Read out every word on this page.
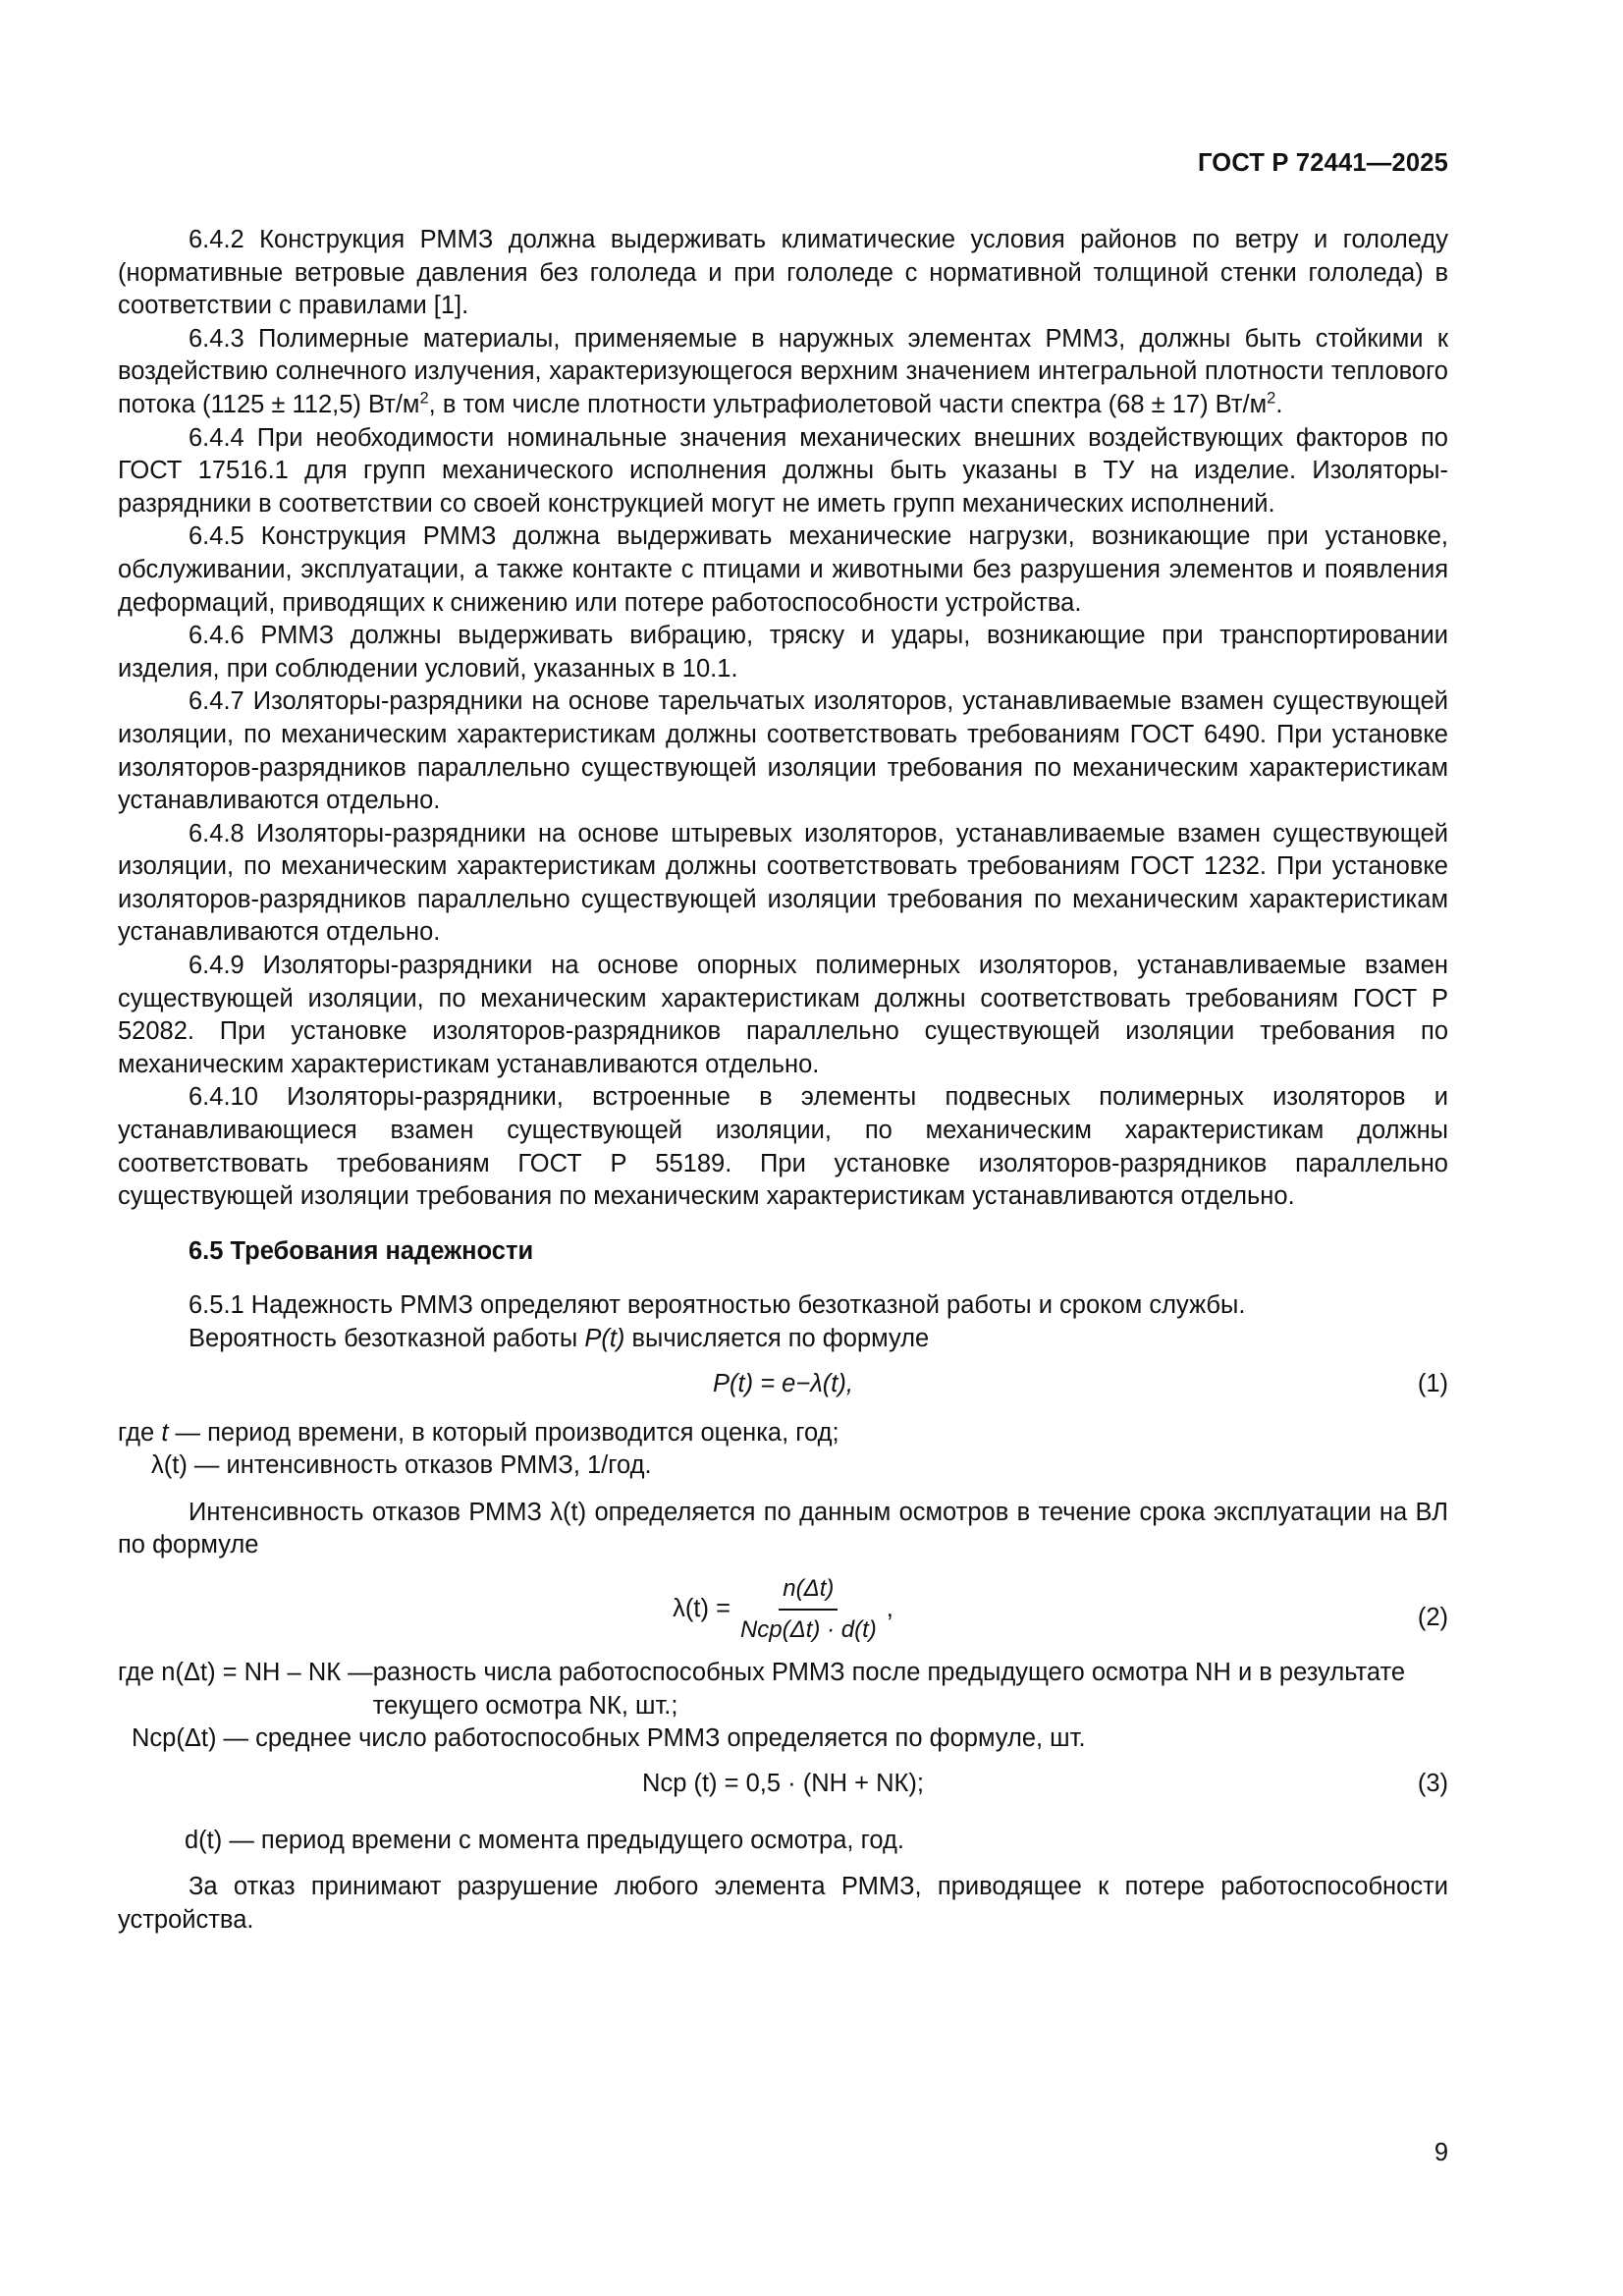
ГОСТ Р 72441—2025

6.4.2 Конструкция РММЗ должна выдерживать климатические условия районов по ветру и гололеду (нормативные ветровые давления без гололеда и при гололеде с нормативной толщиной стенки гололеда) в соответствии с правилами [1].

6.4.3 Полимерные материалы, применяемые в наружных элементах РММЗ, должны быть стойкими к воздействию солнечного излучения, характеризующегося верхним значением интегральной плотности теплового потока (1125 ± 112,5) $Вт/м^2$, в том числе плотности ультрафиолетовой части спектра (68 ± 17) $Вт/м^2$.

6.4.4 При необходимости номинальные значения механических внешних воздействующих факторов по ГОСТ 17516.1 для групп механического исполнения должны быть указаны в ТУ на изделие. Изоляторы-разрядники в соответствии со своей конструкцией могут не иметь групп механических исполнений.

6.4.5 Конструкция РММЗ должна выдерживать механические нагрузки, возникающие при установке, обслуживании, эксплуатации, а также контакте с птицами и животными без разрушения элементов и появления деформаций, приводящих к снижению или потере работоспособности устройства.

6.4.6 РММЗ должны выдерживать вибрацию, тряску и удары, возникающие при транспортировании изделия, при соблюдении условий, указанных в 10.1.

6.4.7 Изоляторы-разрядники на основе тарельчатых изоляторов, устанавливаемые взамен существующей изоляции, по механическим характеристикам должны соответствовать требованиям ГОСТ 6490. При установке изоляторов-разрядников параллельно существующей изоляции требования по механическим характеристикам устанавливаются отдельно.

6.4.8 Изоляторы-разрядники на основе штыревых изоляторов, устанавливаемые взамен существующей изоляции, по механическим характеристикам должны соответствовать требованиям ГОСТ 1232. При установке изоляторов-разрядников параллельно существующей изоляции требования по механическим характеристикам устанавливаются отдельно.

6.4.9 Изоляторы-разрядники на основе опорных полимерных изоляторов, устанавливаемые взамен существующей изоляции, по механическим характеристикам должны соответствовать требованиям ГОСТ Р 52082. При установке изоляторов-разрядников параллельно существующей изоляции требования по механическим характеристикам устанавливаются отдельно.

6.4.10 Изоляторы-разрядники, встроенные в элементы подвесных полимерных изоляторов и устанавливающиеся взамен существующей изоляции, по механическим характеристикам должны соответствовать требованиям ГОСТ Р 55189. При установке изоляторов-разрядников параллельно существующей изоляции требования по механическим характеристикам устанавливаются отдельно.

6.5 Требования надежности

6.5.1 Надежность РММЗ определяют вероятностью безотказной работы и сроком службы.

Вероятность безотказной работы P(t) вычисляется по формуле

P(t) = e−λ(t),	(1)

где t — период времени, в который производится оценка, год;

λ(t) — интенсивность отказов РММЗ, 1/год.

Интенсивность отказов РММЗ λ(t) определяется по данным осмотров в течение срока эксплуатации на ВЛ по формуле

λ(t) =
n(Δt)
Nср(Δt) · d(t)
,	(2)
где n(Δt) = NН – NК — разность числа работоспособных РММЗ после предыдущего осмотра NН и в результате текущего осмотра NК, шт.;

Nср(Δt) — среднее число работоспособных РММЗ определяется по формуле, шт.

Nср (t) = 0,5 · (NН + NК);	(3)

d(t) — период времени с момента предыдущего осмотра, год.

За отказ принимают разрушение любого элемента РММЗ, приводящее к потере работоспособности устройства.

9
